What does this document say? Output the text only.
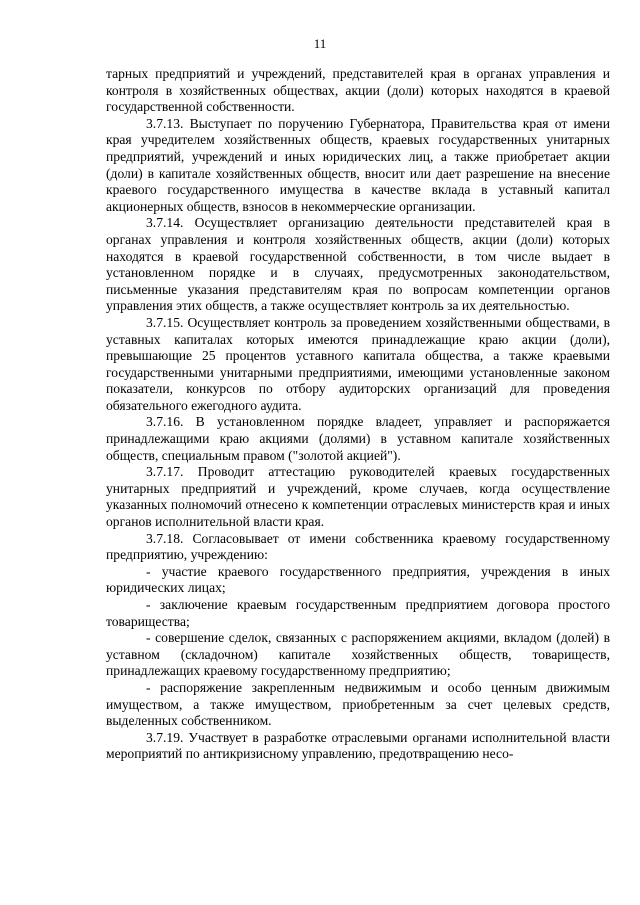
11

тарных предприятий и учреждений, представителей края в органах управления и контроля в хозяйственных обществах, акции (доли) которых находятся в краевой государственной собственности.

3.7.13. Выступает по поручению Губернатора, Правительства края от имени края учредителем хозяйственных обществ, краевых государственных унитарных предприятий, учреждений и иных юридических лиц, а также приобретает акции (доли) в капитале хозяйственных обществ, вносит или дает разрешение на внесение краевого государственного имущества в качестве вклада в уставный капитал акционерных обществ, взносов в некоммерческие организации.

3.7.14. Осуществляет организацию деятельности представителей края в органах управления и контроля хозяйственных обществ, акции (доли) которых находятся в краевой государственной собственности, в том числе выдает в установленном порядке и в случаях, предусмотренных законодательством, письменные указания представителям края по вопросам компетенции органов управления этих обществ, а также осуществляет контроль за их деятельностью.

3.7.15. Осуществляет контроль за проведением хозяйственными обществами, в уставных капиталах которых имеются принадлежащие краю акции (доли), превышающие 25 процентов уставного капитала общества, а также краевыми государственными унитарными предприятиями, имеющими установленные законом показатели, конкурсов по отбору аудиторских организаций для проведения обязательного ежегодного аудита.

3.7.16. В установленном порядке владеет, управляет и распоряжается принадлежащими краю акциями (долями) в уставном капитале хозяйственных обществ, специальным правом ("золотой акцией").

3.7.17. Проводит аттестацию руководителей краевых государственных унитарных предприятий и учреждений, кроме случаев, когда осуществление указанных полномочий отнесено к компетенции отраслевых министерств края и иных органов исполнительной власти края.

3.7.18. Согласовывает от имени собственника краевому государственному предприятию, учреждению:

- участие краевого государственного предприятия, учреждения в иных юридических лицах;

- заключение краевым государственным предприятием договора простого товарищества;

- совершение сделок, связанных с распоряжением акциями, вкладом (долей) в уставном (складочном) капитале хозяйственных обществ, товариществ, принадлежащих краевому государственному предприятию;

- распоряжение закрепленным недвижимым и особо ценным движимым имуществом, а также имуществом, приобретенным за счет целевых средств, выделенных собственником.

3.7.19. Участвует в разработке отраслевыми органами исполнительной власти мероприятий по антикризисному управлению, предотвращению несо-
